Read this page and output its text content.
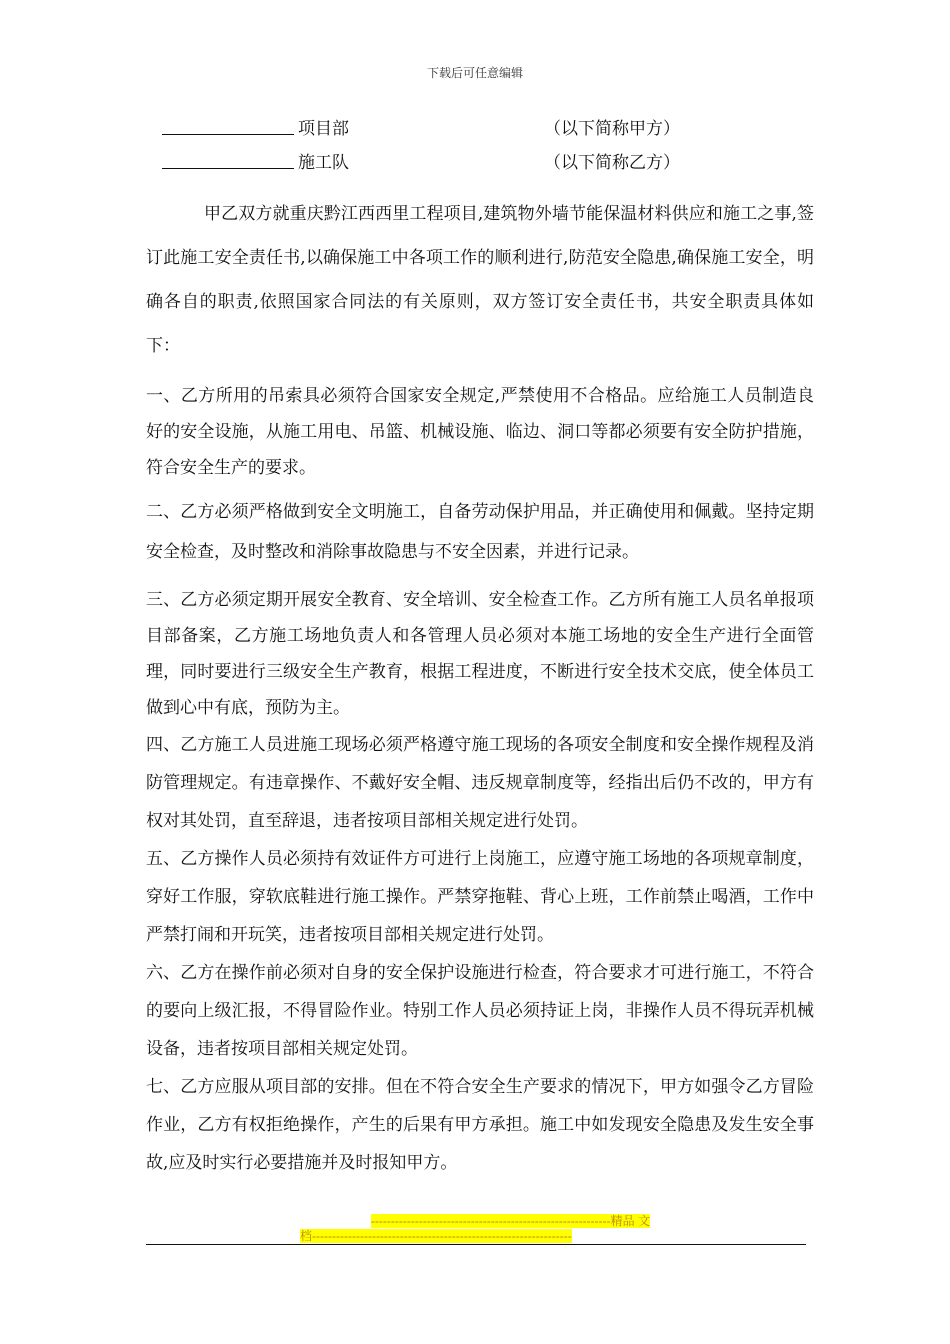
下载后可任意编辑
项目部	（以下简称甲方）
施工队	（以下简称乙方）

甲乙双方就重庆黔江西西里工程项目,建筑物外墙节能保温材料供应和施工之事,签订此施工安全责任书,以确保施工中各项工作的顺利进行,防范安全隐患,确保施工安全，明确各自的职责,依照国家合同法的有关原则，双方签订安全责任书，共安全职责具体如下：

一、乙方所用的吊索具必须符合国家安全规定,严禁使用不合格品。应给施工人员制造良好的安全设施，从施工用电、吊篮、机械设施、临边、洞口等都必须要有安全防护措施，符合安全生产的要求。

二、乙方必须严格做到安全文明施工，自备劳动保护用品，并正确使用和佩戴。坚持定期安全检查，及时整改和消除事故隐患与不安全因素，并进行记录。

三、乙方必须定期开展安全教育、安全培训、安全检查工作。乙方所有施工人员名单报项目部备案，乙方施工场地负责人和各管理人员必须对本施工场地的安全生产进行全面管理，同时要进行三级安全生产教育，根据工程进度，不断进行安全技术交底，使全体员工做到心中有底，预防为主。

四、乙方施工人员进施工现场必须严格遵守施工现场的各项安全制度和安全操作规程及消防管理规定。有违章操作、不戴好安全帽、违反规章制度等，经指出后仍不改的，甲方有权对其处罚，直至辞退，违者按项目部相关规定进行处罚。

五、乙方操作人员必须持有效证件方可进行上岗施工，应遵守施工场地的各项规章制度，穿好工作服，穿软底鞋进行施工操作。严禁穿拖鞋、背心上班，工作前禁止喝酒，工作中严禁打闹和开玩笑，违者按项目部相关规定进行处罚。

六、乙方在操作前必须对自身的安全保护设施进行检查，符合要求才可进行施工，不符合的要向上级汇报，不得冒险作业。特别工作人员必须持证上岗，非操作人员不得玩弄机械设备，违者按项目部相关规定处罚。

七、乙方应服从项目部的安排。但在不符合安全生产要求的情况下，甲方如强令乙方冒险作业，乙方有权拒绝操作，产生的后果有甲方承担。施工中如发现安全隐患及发生安全事故,应及时实行必要措施并及时报知甲方。

------------------------------------------------------------精品 文
档-----------------------------------------------------------------
